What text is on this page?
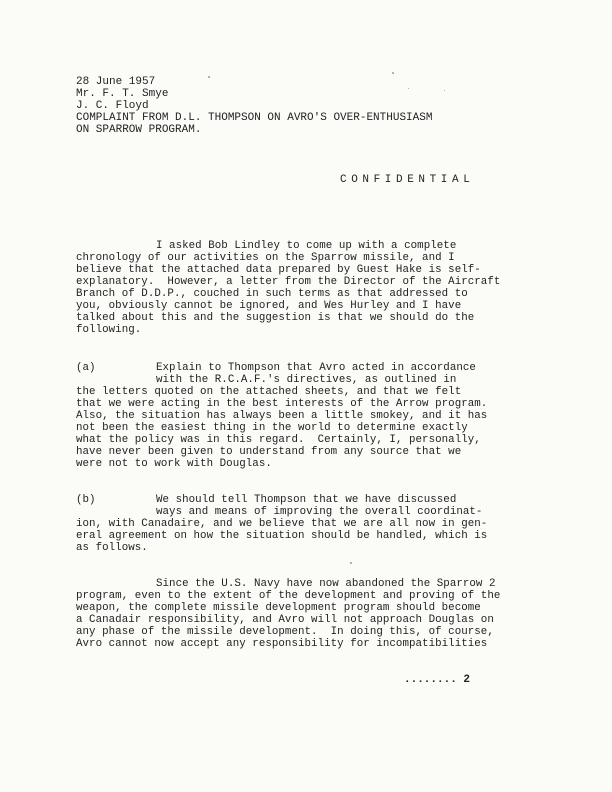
28 June 1957
Mr. F. T. Smye
J. C. Floyd
COMPLAINT FROM D.L. THOMPSON ON AVRO'S OVER-ENTHUSIASM
ON SPARROW PROGRAM.
CONFIDENTIAL
I asked Bob Lindley to come up with a complete
chronology of our activities on the Sparrow missile, and I
believe that the attached data prepared by Guest Hake is self-
explanatory.  However, a letter from the Director of the Aircraft
Branch of D.D.P., couched in such terms as that addressed to
you, obviously cannot be ignored, and Wes Hurley and I have
talked about this and the suggestion is that we should do the
following.
(a)	Explain to Thompson that Avro acted in accordance
with the R.C.A.F.'s directives, as outlined in
the letters quoted on the attached sheets, and that we felt
that we were acting in the best interests of the Arrow program.
Also, the situation has always been a little smokey, and it has
not been the easiest thing in the world to determine exactly
what the policy was in this regard.  Certainly, I, personally,
have never been given to understand from any source that we
were not to work with Douglas.
(b)	We should tell Thompson that we have discussed
ways and means of improving the overall coordinat-
ion, with Canadaire, and we believe that we are all now in gen-
eral agreement on how the situation should be handled, which is
as follows.
Since the U.S. Navy have now abandoned the Sparrow 2
program, even to the extent of the development and proving of the
weapon, the complete missile development program should become
a Canadair responsibility, and Avro will not approach Douglas on
any phase of the missile development.  In doing this, of course,
Avro cannot now accept any responsibility for incompatibilities
........ 2
